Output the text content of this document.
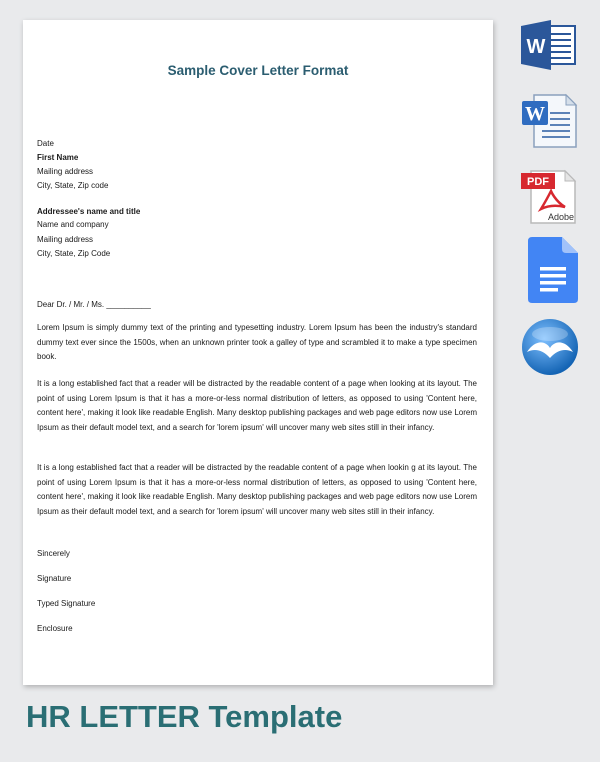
Sample Cover Letter Format
Date
First Name
Mailing address
City, State, Zip code
Addressee's name and title
Name and company
Mailing address
City, State, Zip Code
Dear Dr. / Mr. / Ms. __________
Lorem Ipsum is simply dummy text of the printing and typesetting industry. Lorem Ipsum has been the industry's standard dummy text ever since the 1500s, when an unknown printer took a galley of type and scrambled it to make a type specimen book.
It is a long established fact that a reader will be distracted by the readable content of a page when looking at its layout. The point of using Lorem Ipsum is that it has a more-or-less normal distribution of letters, as opposed to using 'Content here, content here', making it look like readable English. Many desktop publishing packages and web page editors now use Lorem Ipsum as their default model text, and a search for 'lorem ipsum' will uncover many web sites still in their infancy.
It is a long established fact that a reader will be distracted by the readable content of a page when lookin g at its layout. The point of using Lorem Ipsum is that it has a more-or-less normal distribution of letters, as opposed to using 'Content here, content here', making it look like readable English. Many desktop publishing packages and web page editors now use Lorem Ipsum as their default model text, and a search for 'lorem ipsum' will uncover many web sites still in their infancy.
Sincerely
Signature
Typed Signature
Enclosure
W
W
PDF
Adobe
HR LETTER Template
